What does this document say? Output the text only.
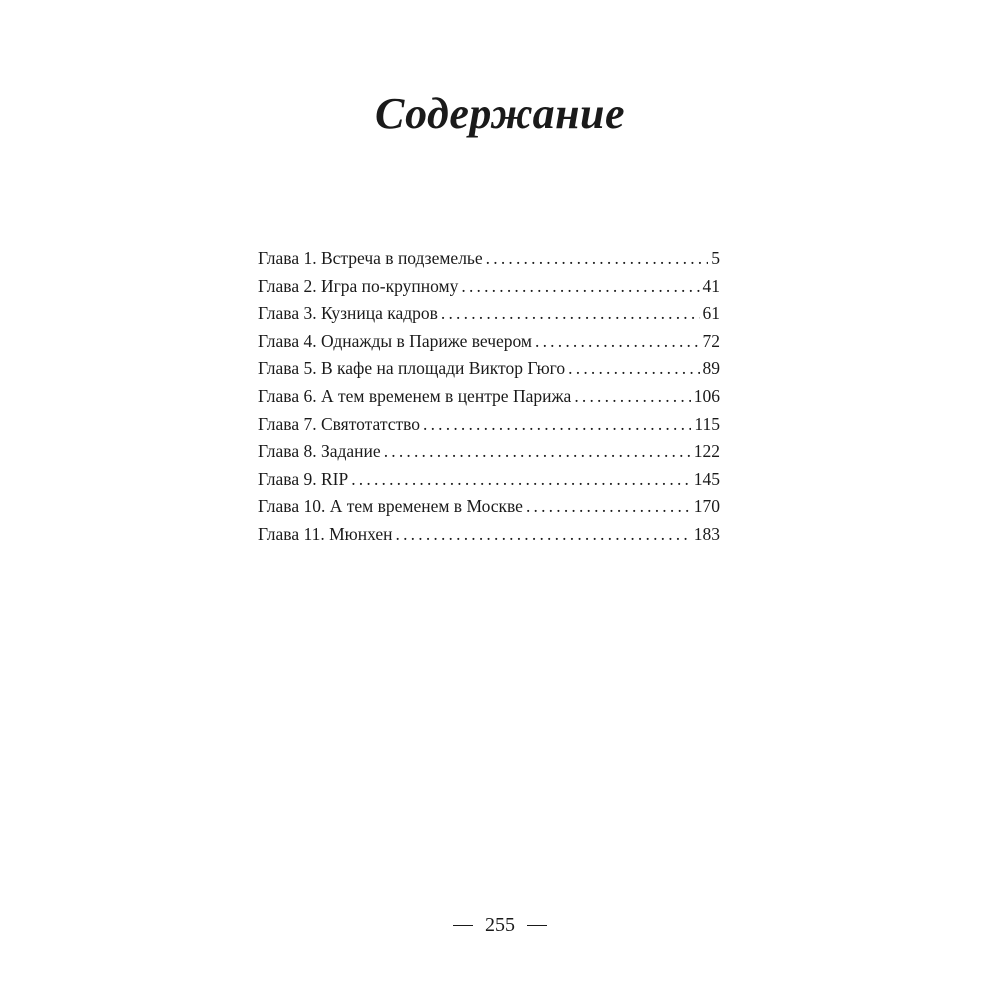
Содержание
Глава 1. Встреча в подземелье .....	5
Глава 2. Игра по-крупному .....	41
Глава 3. Кузница кадров .....	61
Глава 4. Однажды в Париже вечером .....	72
Глава 5. В кафе на площади Виктор Гюго .....	89
Глава 6. А тем временем в центре Парижа .....	106
Глава 7. Святотатство .....	115
Глава 8. Задание .....	122
Глава 9. RIP .....	145
Глава 10. А тем временем в Москве .....	170
Глава 11. Мюнхен .....	183
255
